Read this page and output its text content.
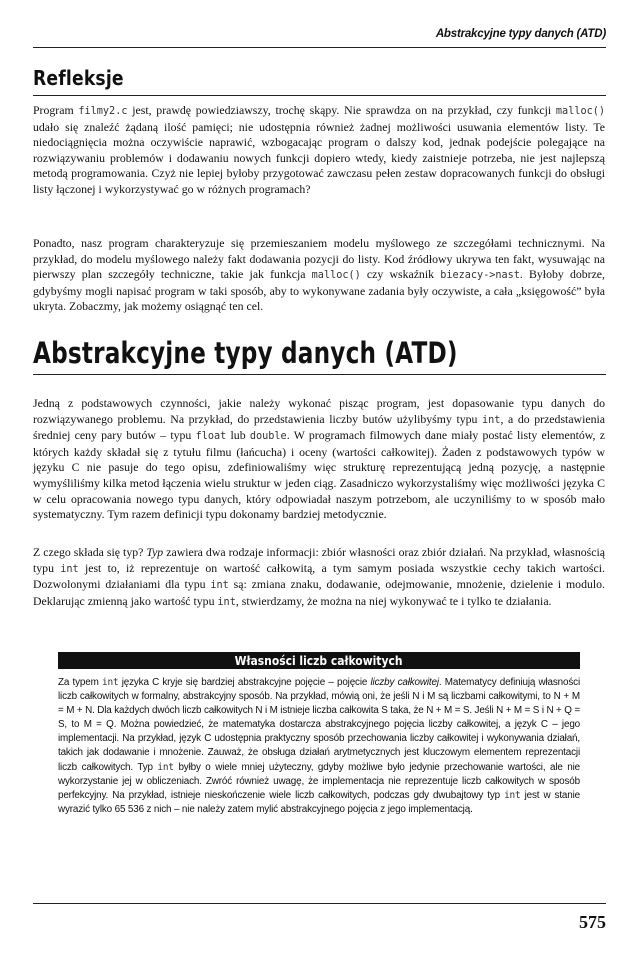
Abstrakcyjne typy danych (ATD)
Refleksje

Program filmy2.c jest, prawdę powiedziawszy, trochę skąpy. Nie sprawdza on na przykład, czy funkcji malloc() udało się znaleźć żądaną ilość pamięci; nie udostępnia również żadnej możliwości usuwania elementów listy. Te niedociągnięcia można oczywiście naprawić, wzbogacając program o dalszy kod, jednak podejście polegające na rozwiązywaniu problemów i dodawaniu nowych funkcji dopiero wtedy, kiedy zaistnieje potrzeba, nie jest najlepszą metodą programowania. Czyż nie lepiej byłoby przygotować zawczasu pełen zestaw dopracowanych funkcji do obsługi listy łączonej i wykorzystywać go w różnych programach?

Ponadto, nasz program charakteryzuje się przemieszaniem modelu myślowego ze szczegółami technicznymi. Na przykład, do modelu myślowego należy fakt dodawania pozycji do listy. Kod źródłowy ukrywa ten fakt, wysuwając na pierwszy plan szczegóły techniczne, takie jak funkcja malloc() czy wskaźnik biezacy->nast. Byłoby dobrze, gdybyśmy mogli napisać program w taki sposób, aby to wykonywane zadania były oczywiste, a cała „księgowość” była ukryta. Zobaczmy, jak możemy osiągnąć ten cel.

Abstrakcyjne typy danych (ATD)

Jedną z podstawowych czynności, jakie należy wykonać pisząc program, jest dopasowanie typu danych do rozwiązywanego problemu. Na przykład, do przedstawienia liczby butów użylibyśmy typu int, a do przedstawienia średniej ceny pary butów – typu float lub double. W programach filmowych dane miały postać listy elementów, z których każdy składał się z tytułu filmu (łańcucha) i oceny (wartości całkowitej). Żaden z podstawowych typów w języku C nie pasuje do tego opisu, zdefiniowaliśmy więc strukturę reprezentującą jedną pozycję, a następnie wymyśliliśmy kilka metod łączenia wielu struktur w jeden ciąg. Zasadniczo wykorzystaliśmy więc możliwości języka C w celu opracowania nowego typu danych, który odpowiadał naszym potrzebom, ale uczyniliśmy to w sposób mało systematyczny. Tym razem definicji typu dokonamy bardziej metodycznie.

Z czego składa się typ? Typ zawiera dwa rodzaje informacji: zbiór własności oraz zbiór działań. Na przykład, własnością typu int jest to, iż reprezentuje on wartość całkowitą, a tym samym posiada wszystkie cechy takich wartości. Dozwolonymi działaniami dla typu int są: zmiana znaku, dodawanie, odejmowanie, mnożenie, dzielenie i modulo. Deklarując zmienną jako wartość typu int, stwierdzamy, że można na niej wykonywać te i tylko te działania.

Własności liczb całkowitych

Za typem int języka C kryje się bardziej abstrakcyjne pojęcie – pojęcie liczby całkowitej. Matematycy definiują własności liczb całkowitych w formalny, abstrakcyjny sposób. Na przykład, mówią oni, że jeśli N i M są liczbami całkowitymi, to N + M = M + N. Dla każdych dwóch liczb całkowitych N i M istnieje liczba całkowita S taka, że N + M = S. Jeśli N + M = S i N + Q = S, to M = Q. Można powiedzieć, że matematyka dostarcza abstrakcyjnego pojęcia liczby całkowitej, a język C – jego implementacji. Na przykład, język C udostępnia praktyczny sposób przechowania liczby całkowitej i wykonywania działań, takich jak dodawanie i mnożenie. Zauważ, że obsługa działań arytmetycznych jest kluczowym elementem reprezentacji liczb całkowitych. Typ int byłby o wiele mniej użyteczny, gdyby możliwe było jedynie przechowanie wartości, ale nie wykorzystanie jej w obliczeniach. Zwróć również uwagę, że implementacja nie reprezentuje liczb całkowitych w sposób perfekcyjny. Na przykład, istnieje nieskończenie wiele liczb całkowitych, podczas gdy dwubajtowy typ int jest w stanie wyrazić tylko 65 536 z nich – nie należy zatem mylić abstrakcyjnego pojęcia z jego implementacją.

575
